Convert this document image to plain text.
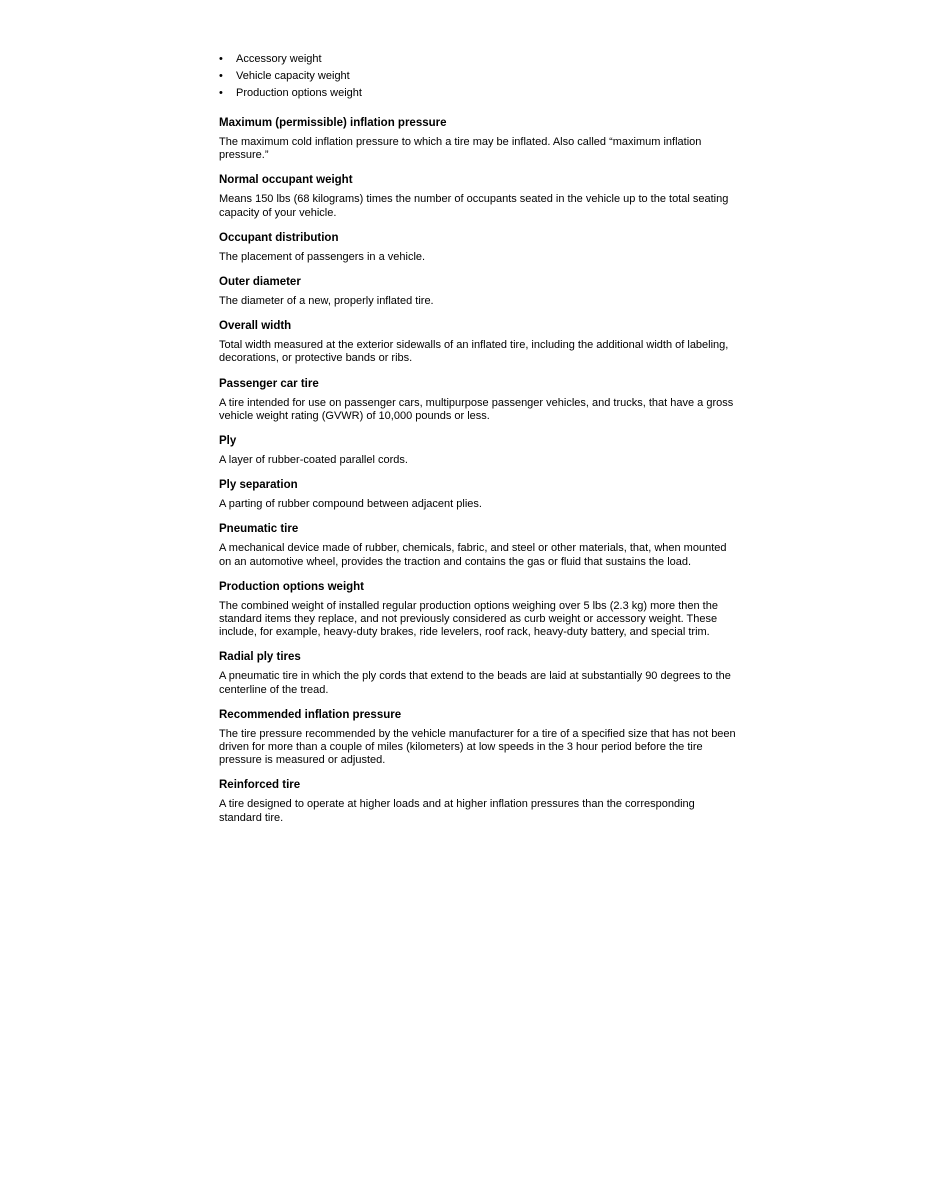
• Accessory weight
• Vehicle capacity weight
• Production options weight
Maximum (permissible) inflation pressure

The maximum cold inflation pressure to which a tire may be inflated. Also called “maximum inflation pressure.”

Normal occupant weight

Means 150 lbs (68 kilograms) times the number of occupants seated in the vehicle up to the total seating capacity of your vehicle.

Occupant distribution

The placement of passengers in a vehicle.

Outer diameter

The diameter of a new, properly inflated tire.

Overall width

Total width measured at the exterior sidewalls of an inflated tire, including the additional width of labeling, decorations, or protective bands or ribs.

Passenger car tire

A tire intended for use on passenger cars, multipurpose passenger vehicles, and trucks, that have a gross vehicle weight rating (GVWR) of 10,000 pounds or less.

Ply

A layer of rubber-coated parallel cords.

Ply separation

A parting of rubber compound between adjacent plies.

Pneumatic tire

A mechanical device made of rubber, chemicals, fabric, and steel or other materials, that, when mounted on an automotive wheel, provides the traction and contains the gas or fluid that sustains the load.

Production options weight

The combined weight of installed regular production options weighing over 5 lbs (2.3 kg) more then the standard items they replace, and not previously considered as curb weight or accessory weight. These include, for example, heavy-duty brakes, ride levelers, roof rack, heavy-duty battery, and special trim.

Radial ply tires

A pneumatic tire in which the ply cords that extend to the beads are laid at substantially 90 degrees to the centerline of the tread.

Recommended inflation pressure

The tire pressure recommended by the vehicle manufacturer for a tire of a specified size that has not been driven for more than a couple of miles (kilometers) at low speeds in the 3 hour period before the tire pressure is measured or adjusted.

Reinforced tire

A tire designed to operate at higher loads and at higher inflation pressures than the corresponding standard tire.
